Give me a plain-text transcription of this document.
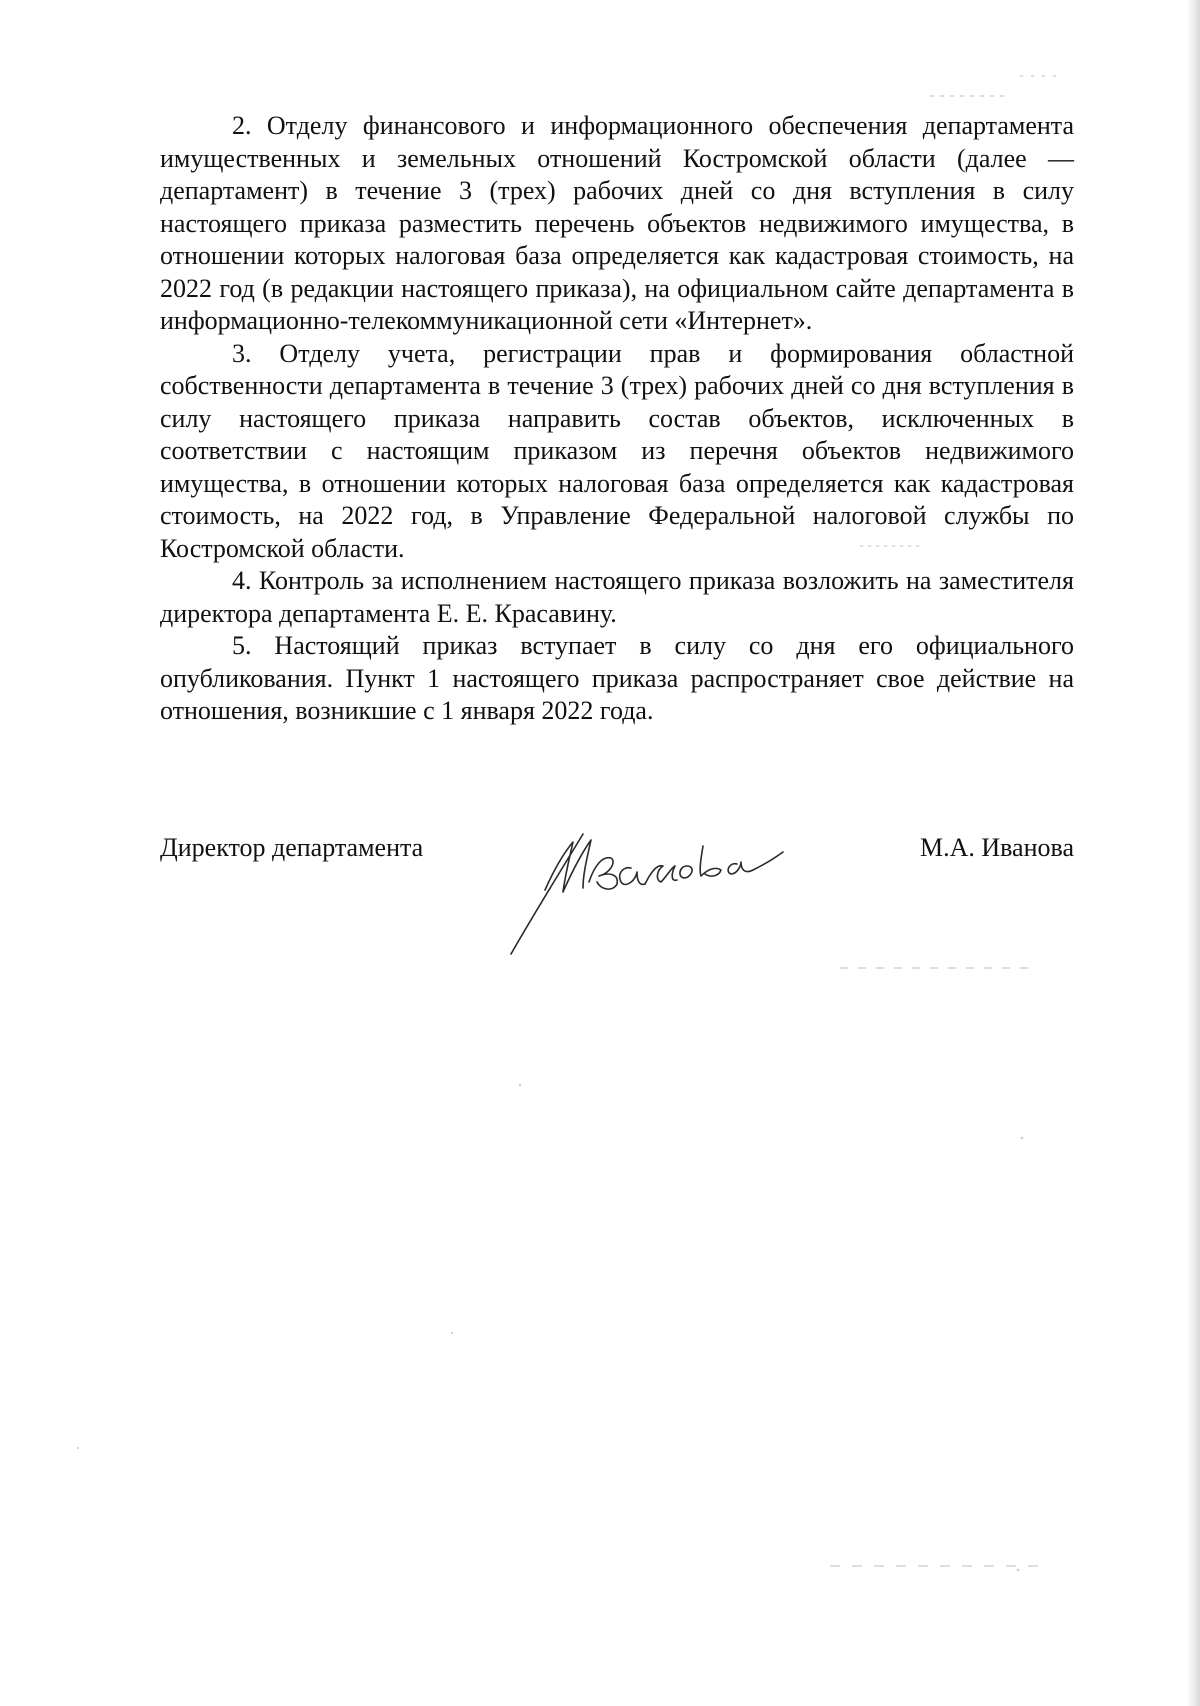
2. Отделу финансового и информационного обеспечения департамента имущественных и земельных отношений Костромской области (далее — департамент) в течение 3 (трех) рабочих дней со дня вступления в силу настоящего приказа разместить перечень объектов недвижимого имущества, в отношении которых налоговая база определяется как кадастровая стоимость, на 2022 год (в редакции настоящего приказа), на официальном сайте департамента в информационно-телекоммуникационной сети «Интернет».

3. Отделу учета, регистрации прав и формирования областной собственности департамента в течение 3 (трех) рабочих дней со дня вступления в силу настоящего приказа направить состав объектов, исключенных в соответствии с настоящим приказом из перечня объектов недвижимого имущества, в отношении которых налоговая база определяется как кадастровая стоимость, на 2022 год, в Управление Федеральной налоговой службы по Костромской области.

4. Контроль за исполнением настоящего приказа возложить на заместителя директора департамента Е. Е. Красавину.

5. Настоящий приказ вступает в силу со дня его официального опубликования. Пункт 1 настоящего приказа распространяет свое действие на отношения, возникшие с 1 января 2022 года.

Директор департамента	М.А. Иванова
